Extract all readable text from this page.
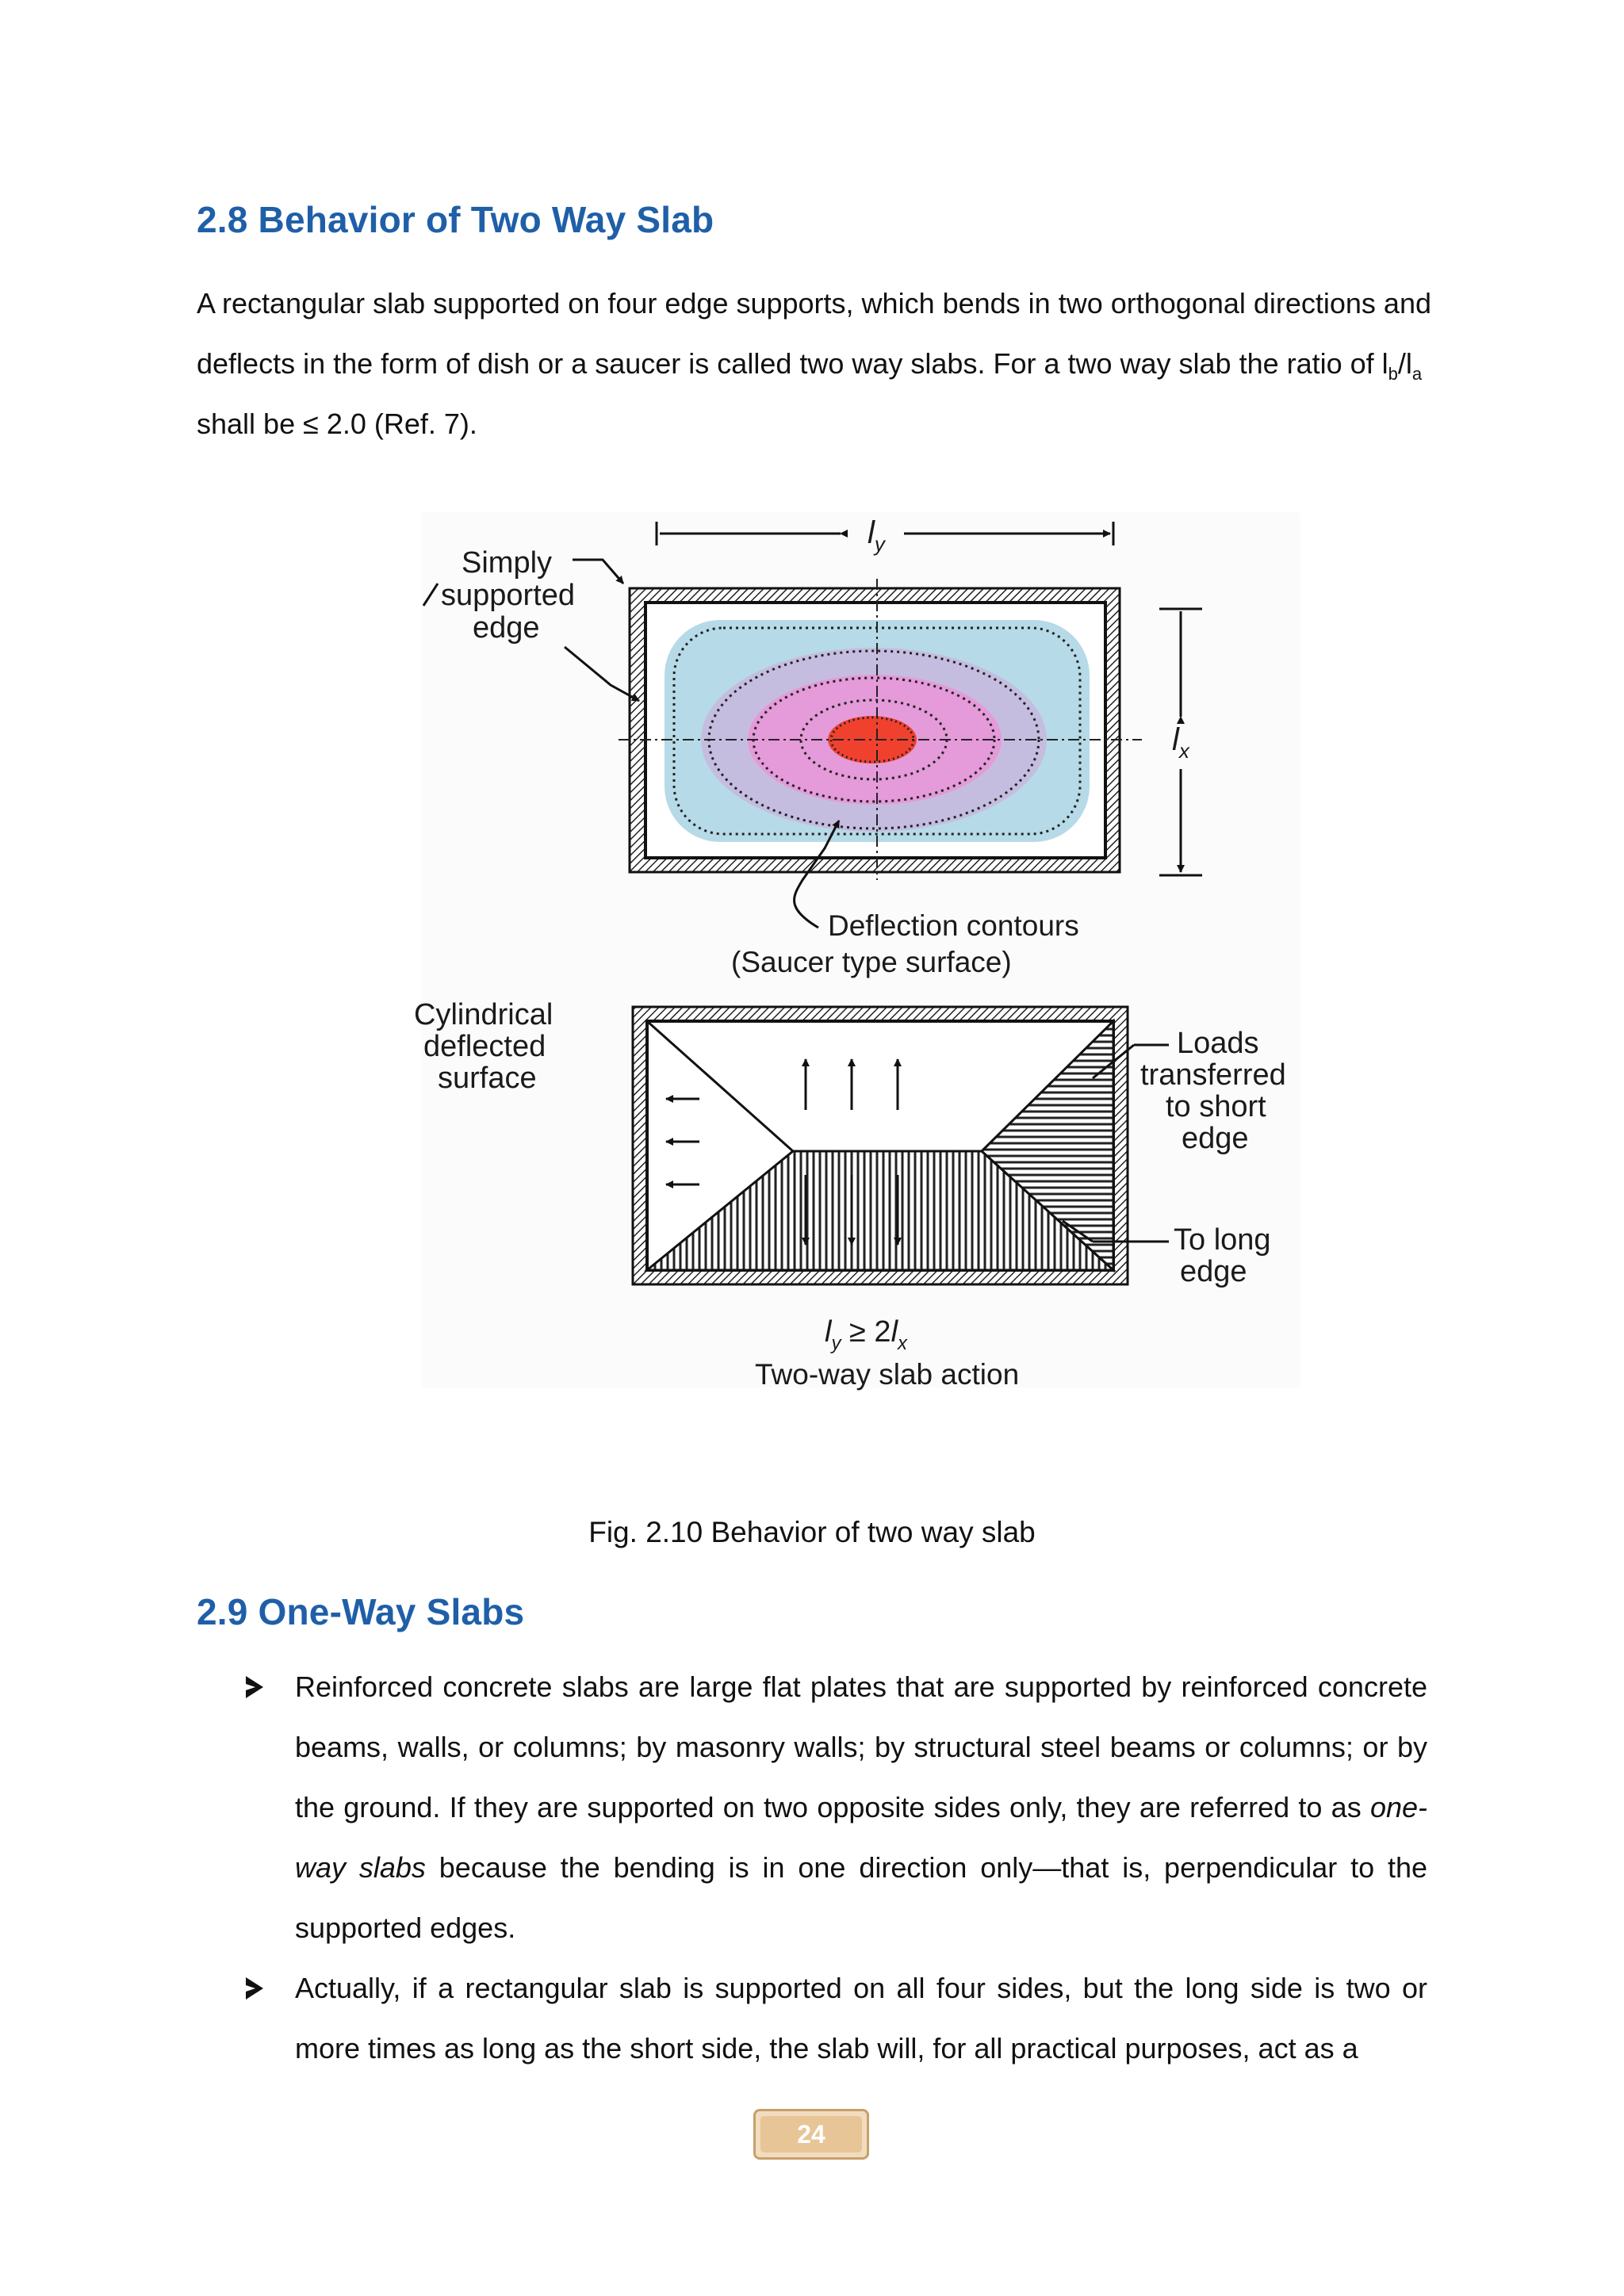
2.8 Behavior of Two Way Slab

A rectangular slab supported on four edge supports, which bends in two orthogonal directions and deflects in the form of dish or a saucer is called two way slabs. For a two way slab the ratio of $l_b/l_a$ shall be ≤ 2.0 (Ref. 7).

$l_y$
$l_x$
Simply
supported
edge
Deflection contours
(Saucer type surface)
Cylindrical
deflected
surface
Loads
transferred
to short
edge
To long
edge
$l_y \ge 2l_x$
Two-way slab action
Fig. 2.10 Behavior of two way slab
2.9 One-Way Slabs
Reinforced concrete slabs are large flat plates that are supported by reinforced concrete beams, walls, or columns; by masonry walls; by structural steel beams or columns; or by the ground. If they are supported on two opposite sides only, they are referred to as one-way slabs because the bending is in one direction only—that is, perpendicular to the supported edges.
Actually, if a rectangular slab is supported on all four sides, but the long side is two or more times as long as the short side, the slab will, for all practical purposes, act as a
24
